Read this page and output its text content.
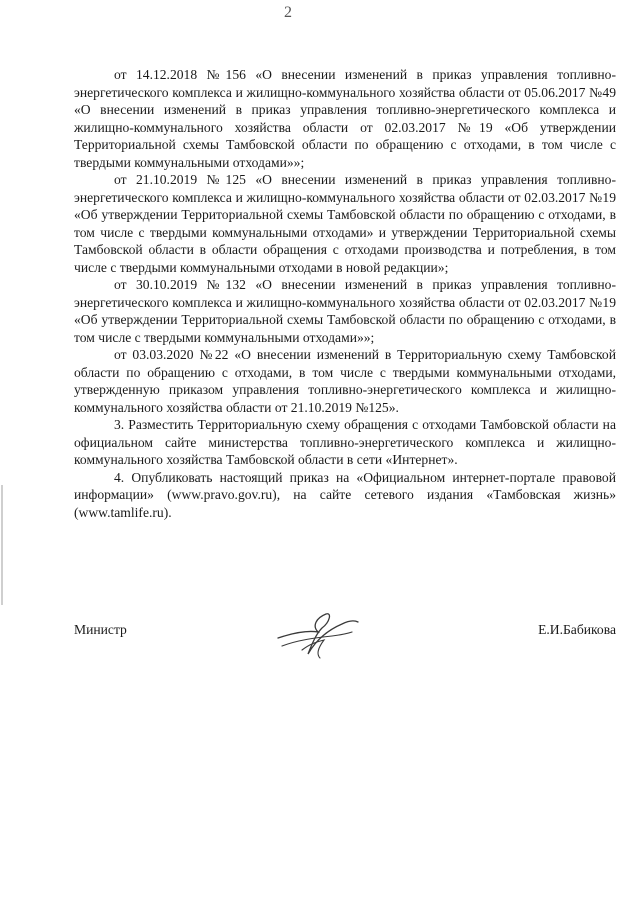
2

от 14.12.2018 №156 «О внесении изменений в приказ управления топливно-энергетического комплекса и жилищно-коммунального хозяйства области от 05.06.2017 №49 «О внесении изменений в приказ управления топливно-энергетического комплекса и жилищно-коммунального хозяйства области от 02.03.2017 №19 «Об утверждении Территориальной схемы Тамбовской области по обращению с отходами, в том числе с твердыми коммунальными отходами»»;

от 21.10.2019 №125 «О внесении изменений в приказ управления топливно-энергетического комплекса и жилищно-коммунального хозяйства области от 02.03.2017 №19 «Об утверждении Территориальной схемы Тамбовской области по обращению с отходами, в том числе с твердыми коммунальными отходами» и утверждении Территориальной схемы Тамбовской области в области обращения с отходами производства и потребления, в том числе с твердыми коммунальными отходами в новой редакции»;

от 30.10.2019 №132 «О внесении изменений в приказ управления топливно-энергетического комплекса и жилищно-коммунального хозяйства области от 02.03.2017 №19 «Об утверждении Территориальной схемы Тамбовской области по обращению с отходами, в том числе с твердыми коммунальными отходами»»;

от 03.03.2020 №22 «О внесении изменений в Территориальную схему Тамбовской области по обращению с отходами, в том числе с твердыми коммунальными отходами, утвержденную приказом управления топливно-энергетического комплекса и жилищно-коммунального хозяйства области от 21.10.2019 №125».

3. Разместить Территориальную схему обращения с отходами Тамбовской области на официальном сайте министерства топливно-энергетического комплекса и жилищно-коммунального хозяйства Тамбовской области в сети «Интернет».

4. Опубликовать настоящий приказ на «Официальном интернет-портале правовой информации» (www.pravo.gov.ru), на сайте сетевого издания «Тамбовская жизнь» (www.tamlife.ru).

Министр	Е.И.Бабикова
